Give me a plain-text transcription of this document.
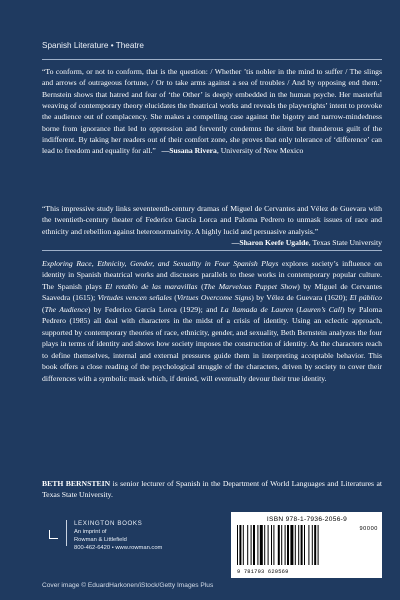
Spanish Literature • Theatre
“To conform, or not to conform, that is the question: / Whether ’tis nobler in the mind to suffer / The slings and arrows of outrageous fortune, / Or to take arms against a sea of troubles / And by opposing end them.’ Bernstein shows that hatred and fear of ‘the Other’ is deeply embedded in the human psyche. Her masterful weaving of contemporary theory elucidates the theatrical works and reveals the playwrights’ intent to provoke the audience out of complacency. She makes a compelling case against the bigotry and narrow-mindedness borne from ignorance that led to oppression and fervently condemns the silent but thunderous guilt of the indifferent. By taking her readers out of their comfort zone, she proves that only tolerance of ‘difference’ can lead to freedom and equality for all.” —Susana Rivera, University of New Mexico
“This impressive study links seventeenth-century dramas of Miguel de Cervantes and Vélez de Guevara with the twentieth-century theater of Federico García Lorca and Paloma Pedrero to unmask issues of race and ethnicity and rebellion against heteronormativity. A highly lucid and persuasive analysis.”

—Sharon Keefe Ugalde, Texas State University

Exploring Race, Ethnicity, Gender, and Sexuality in Four Spanish Plays explores society’s influence on identity in Spanish theatrical works and discusses parallels to these works in contemporary popular culture. The Spanish plays El retablo de las maravillas (The Marvelous Puppet Show) by Miguel de Cervantes Saavedra (1615); Virtudes vencen señales (Virtues Overcome Signs) by Vélez de Guevara (1620); El público (The Audience) by Federico García Lorca (1929); and La llamada de Lauren (Lauren’s Call) by Paloma Pedrero (1985) all deal with characters in the midst of a crisis of identity. Using an eclectic approach, supported by contemporary theories of race, ethnicity, gender, and sexuality, Beth Bernstein analyzes the four plays in terms of identity and shows how society imposes the construction of identity. As the characters reach to define themselves, internal and external pressures guide them in interpreting acceptable behavior. This book offers a close reading of the psychological struggle of the characters, driven by society to cover their differences with a symbolic mask which, if denied, will eventually devour their true identity.

BETH BERNSTEIN is senior lecturer of Spanish in the Department of World Languages and Literatures at Texas State University.

LEXINGTON BOOKS
An imprint of
Rowman & Littlefield
800-462-6420 • www.rowman.com
ISBN 978-1-7936-2056-9
90000
9 781793 620569
Cover image © EduardHarkonen/iStock/Getty Images Plus
